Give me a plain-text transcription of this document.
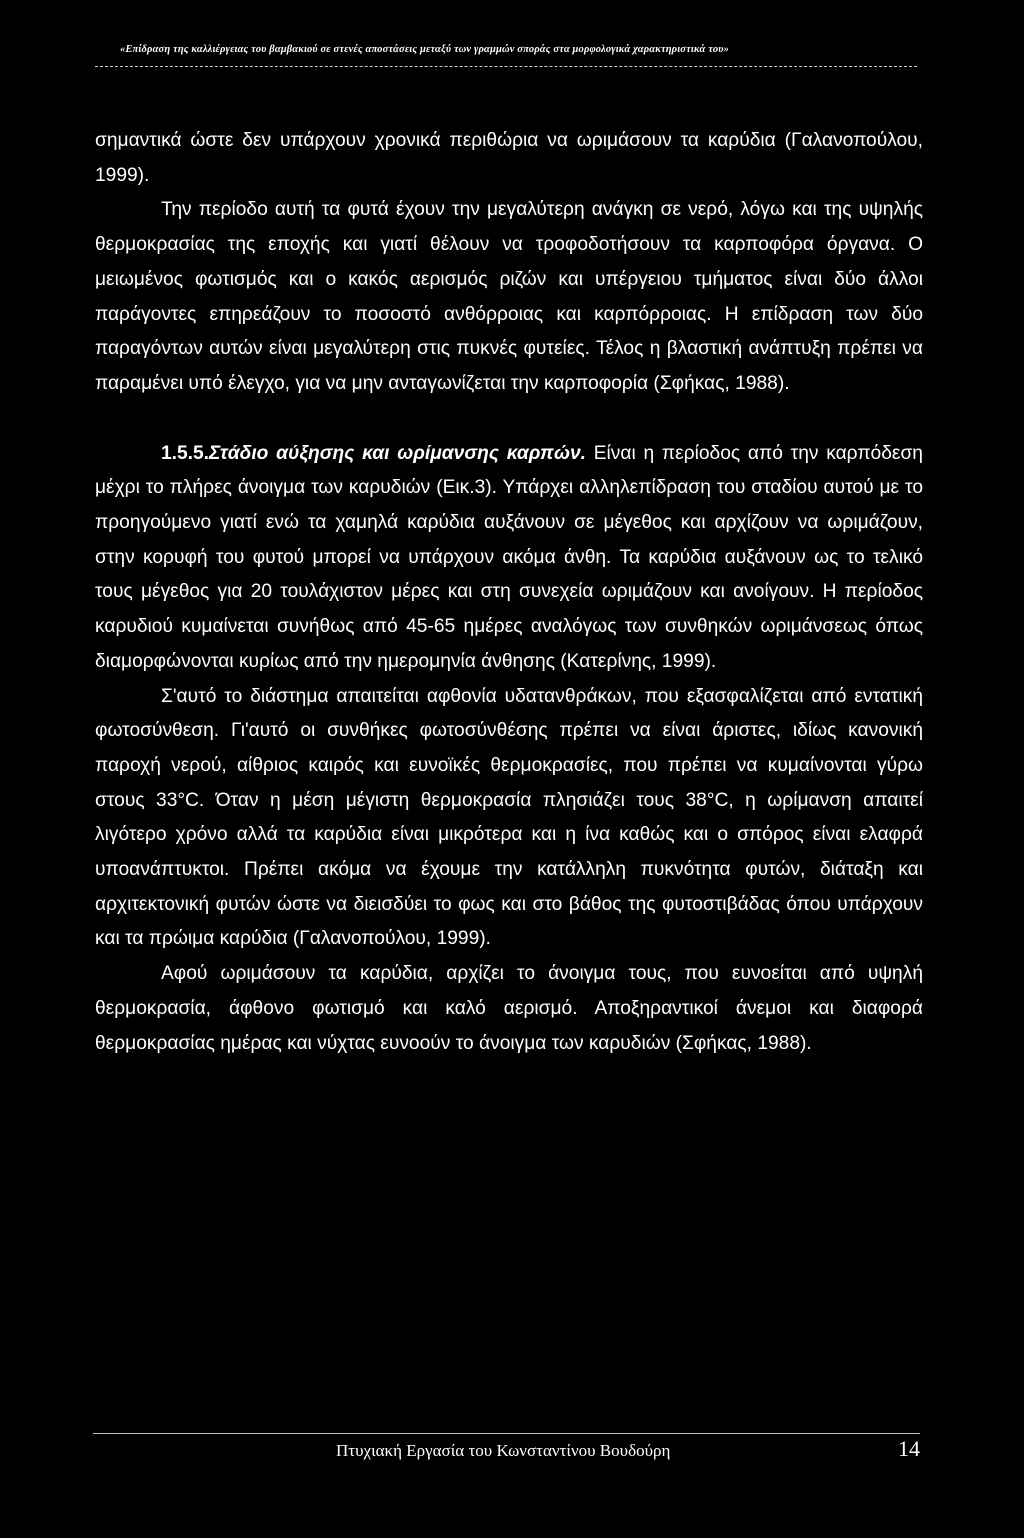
«Επίδραση της καλλιέργειας του βαμβακιού σε στενές αποστάσεις μεταξύ των γραμμών σποράς στα μορφολογικά χαρακτηριστικά του»

σημαντικά ώστε δεν υπάρχουν χρονικά περιθώρια να ωριμάσουν τα καρύδια (Γαλανοπούλου, 1999).

Την περίοδο αυτή τα φυτά έχουν την μεγαλύτερη ανάγκη σε νερό, λόγω και της υψηλής θερμοκρασίας της εποχής και γιατί θέλουν να τροφοδοτήσουν τα καρποφόρα όργανα. Ο μειωμένος φωτισμός και ο κακός αερισμός ριζών και υπέργειου τμήματος είναι δύο άλλοι παράγοντες επηρεάζουν το ποσοστό ανθόρροιας και καρπόρροιας. Η επίδραση των δύο παραγόντων αυτών είναι μεγαλύτερη στις πυκνές φυτείες. Τέλος η βλαστική ανάπτυξη πρέπει να παραμένει υπό έλεγχο, για να μην ανταγωνίζεται την καρποφορία (Σφήκας, 1988).

1.5.5.Στάδιο αύξησης και ωρίμανσης καρπών. Είναι η περίοδος από την καρπόδεση μέχρι το πλήρες άνοιγμα των καρυδιών (Εικ.3). Υπάρχει αλληλεπίδραση του σταδίου αυτού με το προηγούμενο γιατί ενώ τα χαμηλά καρύδια αυξάνουν σε μέγεθος και αρχίζουν να ωριμάζουν, στην κορυφή του φυτού μπορεί να υπάρχουν ακόμα άνθη. Τα καρύδια αυξάνουν ως το τελικό τους μέγεθος για 20 τουλάχιστον μέρες και στη συνεχεία ωριμάζουν και ανοίγουν. Η περίοδος καρυδιού κυμαίνεται συνήθως από 45-65 ημέρες αναλόγως των συνθηκών ωριμάνσεως όπως διαμορφώνονται κυρίως από την ημερομηνία άνθησης (Κατερίνης, 1999).

Σ'αυτό το διάστημα απαιτείται αφθονία υδατανθράκων, που εξασφαλίζεται από εντατική φωτοσύνθεση. Γι'αυτό οι συνθήκες φωτοσύνθέσης πρέπει να είναι άριστες, ιδίως κανονική παροχή νερού, αίθριος καιρός και ευνοϊκές θερμοκρασίες, που πρέπει να κυμαίνονται γύρω στους 33°C. Όταν η μέση μέγιστη θερμοκρασία πλησιάζει τους 38°C, η ωρίμανση απαιτεί λιγότερο χρόνο αλλά τα καρύδια είναι μικρότερα και η ίνα καθώς και ο σπόρος είναι ελαφρά υποανάπτυκτοι. Πρέπει ακόμα να έχουμε την κατάλληλη πυκνότητα φυτών, διάταξη και αρχιτεκτονική φυτών ώστε να διεισδύει το φως και στο βάθος της φυτοστιβάδας όπου υπάρχουν και τα πρώιμα καρύδια (Γαλανοπούλου, 1999).

Αφού ωριμάσουν τα καρύδια, αρχίζει το άνοιγμα τους, που ευνοείται από υψηλή θερμοκρασία, άφθονο φωτισμό και καλό αερισμό. Αποξηραντικοί άνεμοι και διαφορά θερμοκρασίας ημέρας και νύχτας ευνοούν το άνοιγμα των καρυδιών (Σφήκας, 1988).

Πτυχιακή Εργασία του Κωνσταντίνου Βουδούρη	14
